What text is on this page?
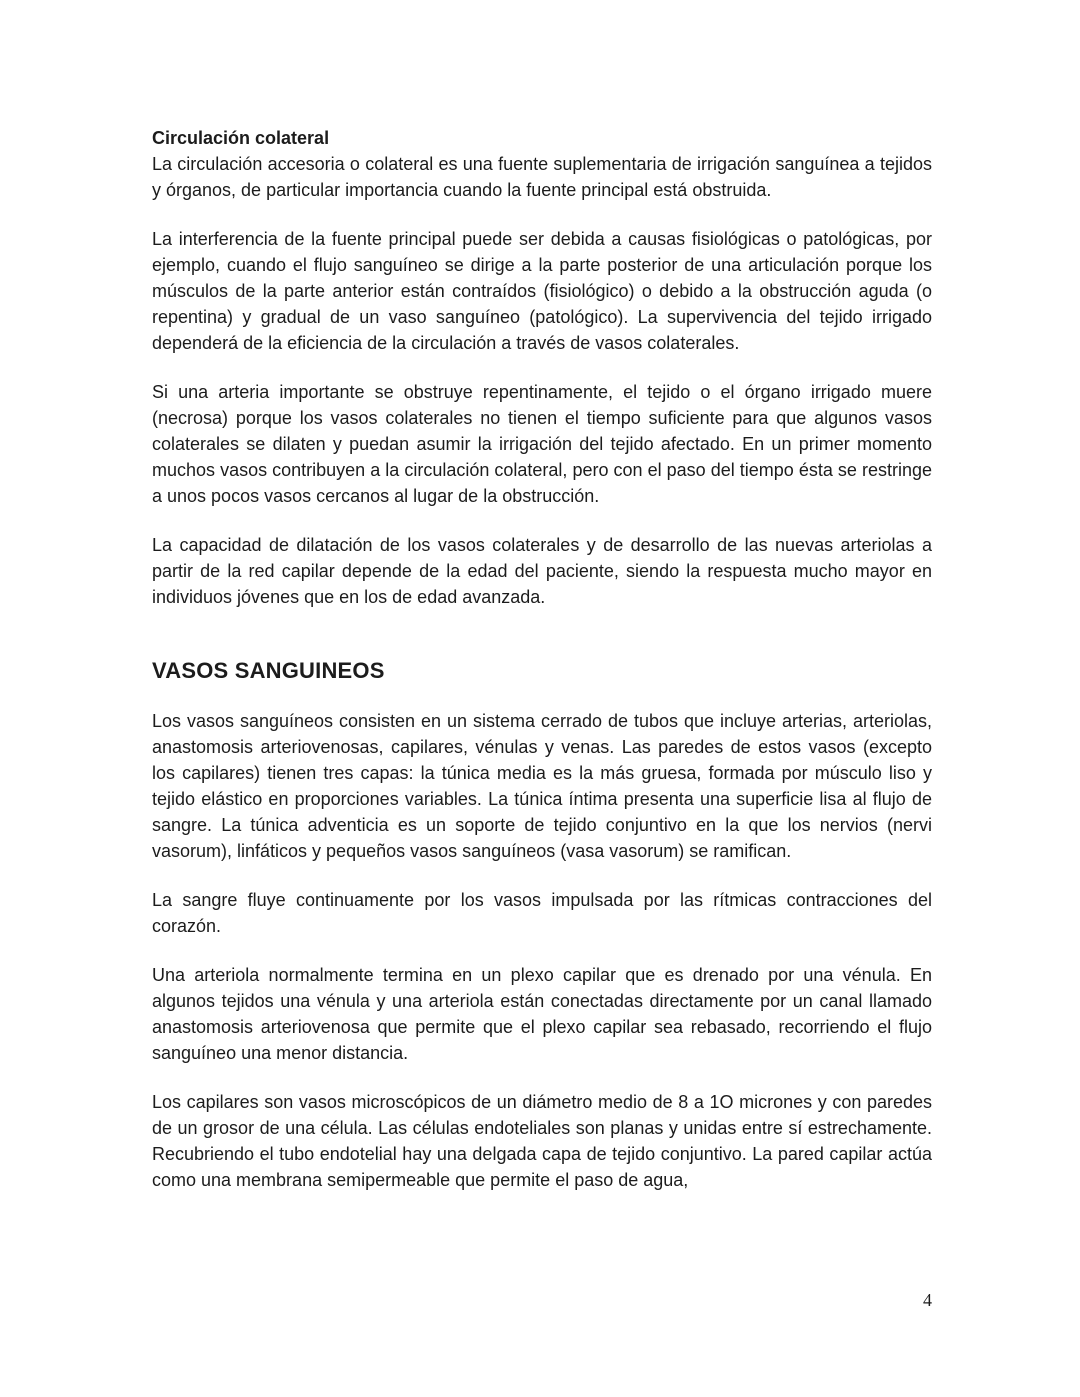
Circulación colateral

La circulación accesoria o colateral es una fuente suplementaria de irrigación sanguínea a tejidos y órganos, de particular importancia cuando la fuente principal está obstruida.

La interferencia de la fuente principal puede ser debida a causas fisiológicas o patológicas, por ejemplo, cuando el flujo sanguíneo se dirige a la parte posterior de una articulación porque los músculos de la parte anterior están contraídos (fisiológico) o debido a la obstrucción aguda (o repentina) y gradual de un vaso sanguíneo (patológico). La supervivencia del tejido irrigado dependerá de la eficiencia de la circulación a través de vasos colaterales.

Si una arteria importante se obstruye repentinamente, el tejido o el órgano irrigado muere (necrosa) porque los vasos colaterales no tienen el tiempo suficiente para que algunos vasos colaterales se dilaten y puedan asumir la irrigación del tejido afectado. En un primer momento muchos vasos contribuyen a la circulación colateral, pero con el paso del tiempo ésta se restringe a unos pocos vasos cercanos al lugar de la obstrucción.

La capacidad de dilatación de los vasos colaterales y de desarrollo de las nuevas arteriolas a partir de la red capilar depende de la edad del paciente, siendo la respuesta mucho mayor en individuos jóvenes que en los de edad avanzada.

VASOS SANGUINEOS

Los vasos sanguíneos consisten en un sistema cerrado de tubos que incluye arterias, arteriolas, anastomosis arteriovenosas, capilares, vénulas y venas. Las paredes de estos vasos (excepto los capilares) tienen tres capas: la túnica media es la más gruesa, formada por músculo liso y tejido elástico en proporciones variables. La túnica íntima presenta una superficie lisa al flujo de sangre. La túnica adventicia es un soporte de tejido conjuntivo en la que los nervios (nervi vasorum), linfáticos y pequeños vasos sanguíneos (vasa vasorum) se ramifican.

La sangre fluye continuamente por los vasos impulsada por las rítmicas contracciones del corazón.

Una arteriola normalmente termina en un plexo capilar que es drenado por una vénula. En algunos tejidos una vénula y una arteriola están conectadas directamente por un canal llamado anastomosis arteriovenosa que permite que el plexo capilar sea rebasado, recorriendo el flujo sanguíneo una menor distancia.

Los capilares son vasos microscópicos de un diámetro medio de 8 a 1O micrones y con paredes de un grosor de una célula. Las células endoteliales son planas y unidas entre sí estrechamente. Recubriendo el tubo endotelial hay una delgada capa de tejido conjuntivo. La pared capilar actúa como una membrana semipermeable que permite el paso de agua,

4
